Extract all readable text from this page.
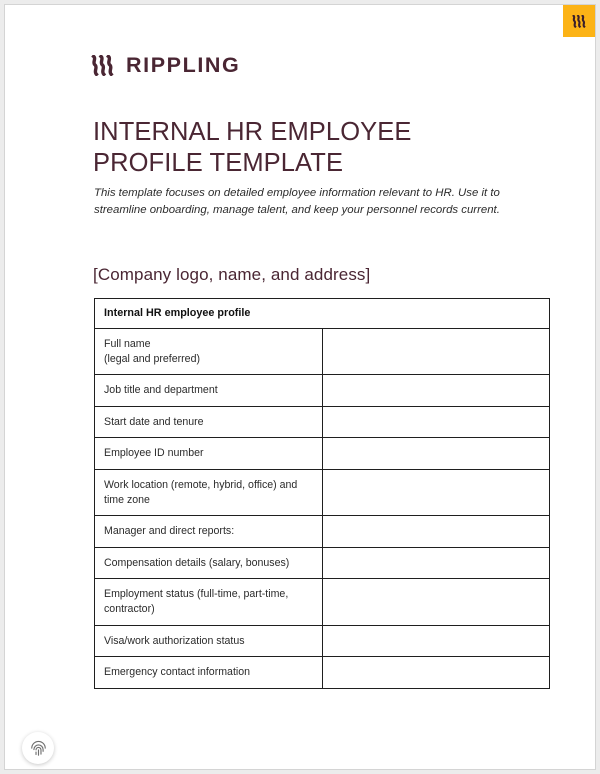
RIPPLING
INTERNAL HR EMPLOYEE PROFILE TEMPLATE

This template focuses on detailed employee information relevant to HR. Use it to streamline onboarding, manage talent, and keep your personnel records current.

[Company logo, name, and address]

Internal HR employee profile	
Full name
(legal and preferred)	
Job title and department	
Start date and tenure	
Employee ID number	
Work location (remote, hybrid, office) and time zone	
Manager and direct reports:	
Compensation details (salary, bonuses)	
Employment status (full-time, part-time, contractor)	
Visa/work authorization status	
Emergency contact information	
